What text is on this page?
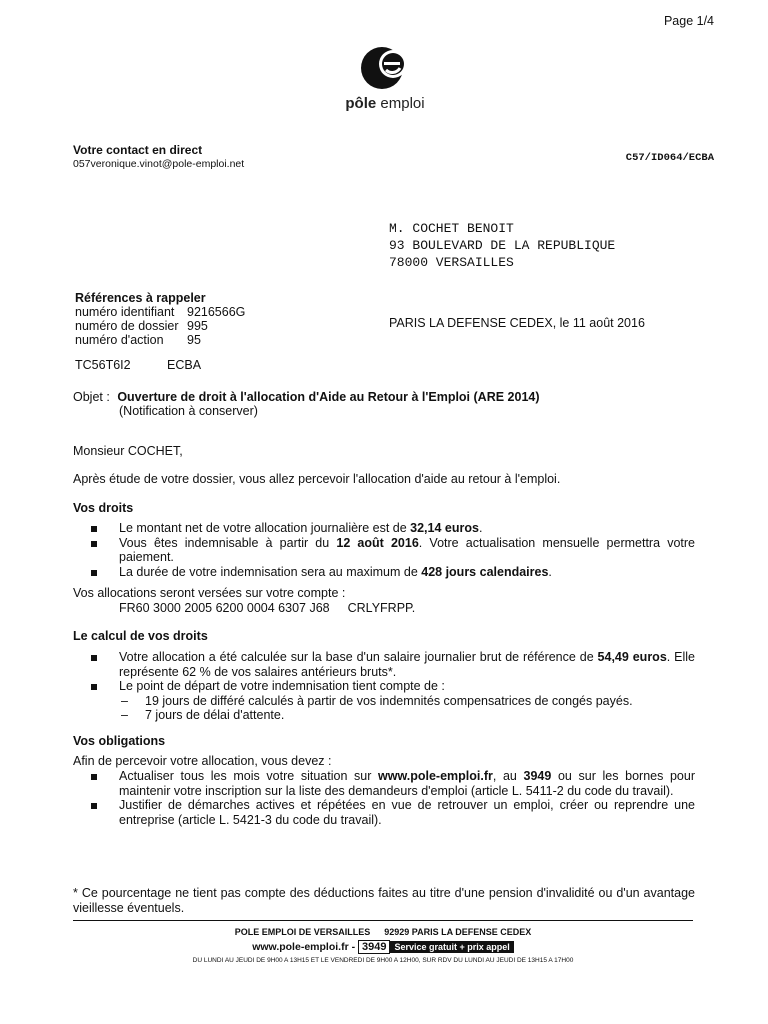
Page 1/4
pôle emploi
Votre contact en direct
057veronique.vinot@pole-emploi.net	C57/ID064/ECBA
M. COCHET BENOIT
93 BOULEVARD DE LA REPUBLIQUE
78000 VERSAILLES
Références à rappeler
numéro identifiant 9216566G
numéro de dossier 995
numéro d'action 95
TC56T6I2	ECBA
PARIS LA DEFENSE CEDEX, le 11 août 2016
Objet : Ouverture de droit à l'allocation d'Aide au Retour à l'Emploi (ARE 2014)
(Notification à conserver)
Monsieur COCHET,
Après étude de votre dossier, vous allez percevoir l'allocation d'aide au retour à l'emploi.
Vos droits
Le montant net de votre allocation journalière est de 32,14 euros.
Vous êtes indemnisable à partir du 12 août 2016. Votre actualisation mensuelle permettra votre paiement.
La durée de votre indemnisation sera au maximum de 428 jours calendaires.
Vos allocations seront versées sur votre compte :
FR60 3000 2005 6200 0004 6307 J68 CRLYFRPP.
Le calcul de vos droits
Votre allocation a été calculée sur la base d'un salaire journalier brut de référence de 54,49 euros. Elle représente 62 % de vos salaires antérieurs bruts*.
Le point de départ de votre indemnisation tient compte de :
– 19 jours de différé calculés à partir de vos indemnités compensatrices de congés payés.
– 7 jours de délai d'attente.
Vos obligations
Afin de percevoir votre allocation, vous devez :
Actualiser tous les mois votre situation sur www.pole-emploi.fr, au 3949 ou sur les bornes pour maintenir votre inscription sur la liste des demandeurs d'emploi (article L. 5411-2 du code du travail).
Justifier de démarches actives et répétées en vue de retrouver un emploi, créer ou reprendre une entreprise (article L. 5421-3 du code du travail).
* Ce pourcentage ne tient pas compte des déductions faites au titre d'une pension d'invalidité ou d'un avantage vieillesse éventuels.
POLE EMPLOI DE VERSAILLES 92929 PARIS LA DEFENSE CEDEX
www.pole-emploi.fr - 3949 Service gratuit + prix appel
DU LUNDI AU JEUDI DE 9H00 A 13H15 ET LE VENDREDI DE 9H00 A 12H00, SUR RDV DU LUNDI AU JEUDI DE 13H15 A 17H00
